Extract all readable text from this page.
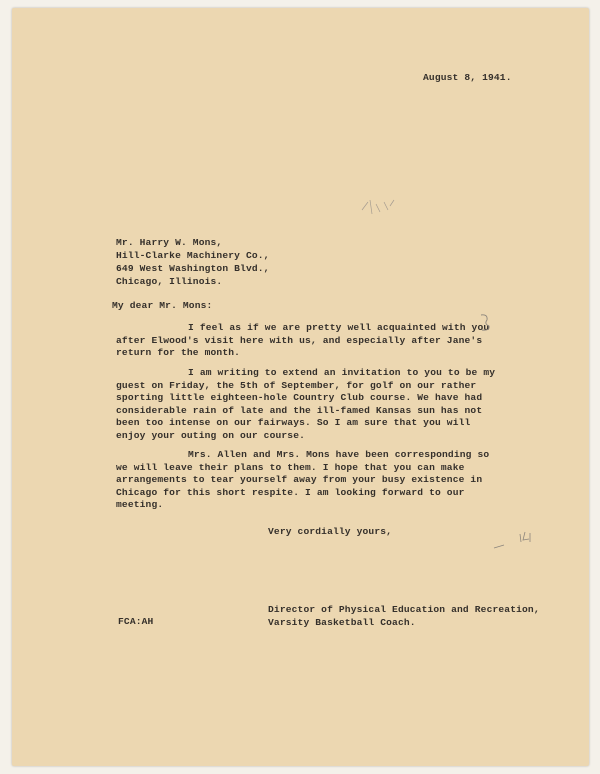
August 8, 1941.
Mr. Harry W. Mons,
Hill-Clarke Machinery Co.,
649 West Washington Blvd.,
Chicago, Illinois.
My dear Mr. Mons:
I feel as if we are pretty well acquainted with you
after Elwood's visit here with us, and especially after Jane's
return for the month.
I am writing to extend an invitation to you to be my
guest on Friday, the 5th of September, for golf on our rather
sporting little eighteen-hole Country Club course. We have had
considerable rain of late and the ill-famed Kansas sun has not
been too intense on our fairways. So I am sure that you will
enjoy your outing on our course.
Mrs. Allen and Mrs. Mons have been corresponding so
we will leave their plans to them. I hope that you can make
arrangements to tear yourself away from your busy existence in
Chicago for this short respite. I am looking forward to our
meeting.
Very cordially yours,
FCA:AH
Director of Physical Education and Recreation,
Varsity Basketball Coach.
